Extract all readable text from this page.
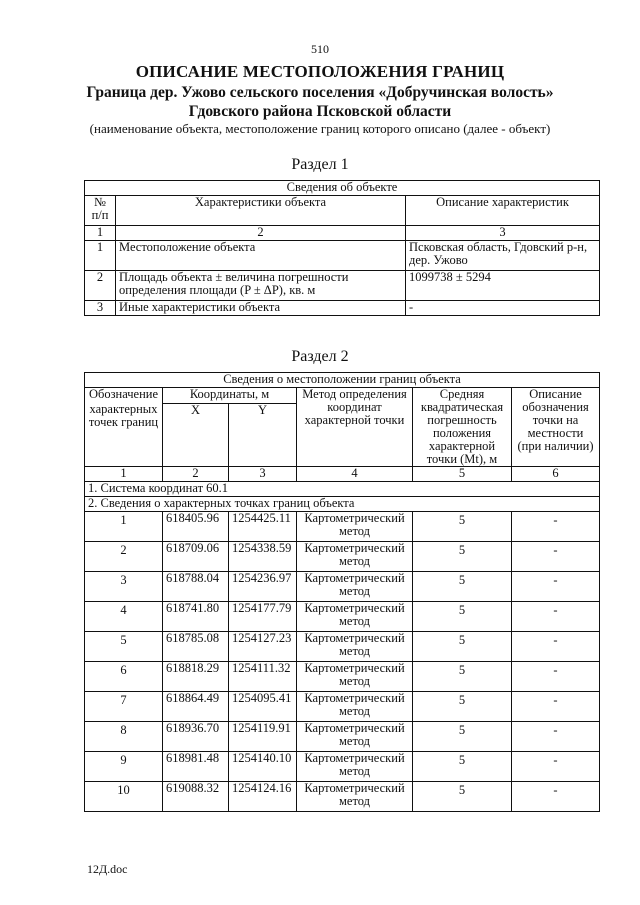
510
ОПИСАНИЕ МЕСТОПОЛОЖЕНИЯ ГРАНИЦ
Граница дер. Ужово сельского поселения «Добручинская волость»
Гдовского района Псковской области
(наименование объекта, местоположение границ которого описано (далее - объект)
Раздел 1
Сведения об объекте		
№ п/п	Характеристики объекта	Описание характеристик
1	2	3
1	Местоположение объекта	Псковская область, Гдовский р-н, дер. Ужово
2	Площадь объекта ± величина погрешности определения площади (P ± ΔP), кв. м	1099738 ± 5294
3	Иные характеристики объекта	-
Раздел 2
Сведения о местоположении границ объекта					
Обозначение	Координаты, м		Метод определения координат характерной точки	Средняя квадратическая погрешность положения характерной точки (Mt), м	Описание обозначения точки на местности (при наличии)
характерных точек границ	X	Y			
1	2	3	4	5	6
1. Система координат 60.1					
2. Сведения о характерных точках границ объекта					
1	618405.96	1254425.11	Картометрический метод	5	-
2	618709.06	1254338.59	Картометрический метод	5	-
3	618788.04	1254236.97	Картометрический метод	5	-
4	618741.80	1254177.79	Картометрический метод	5	-
5	618785.08	1254127.23	Картометрический метод	5	-
6	618818.29	1254111.32	Картометрический метод	5	-
7	618864.49	1254095.41	Картометрический метод	5	-
8	618936.70	1254119.91	Картометрический метод	5	-
9	618981.48	1254140.10	Картометрический метод	5	-
10	619088.32	1254124.16	Картометрический метод	5	-
12Д.doc
